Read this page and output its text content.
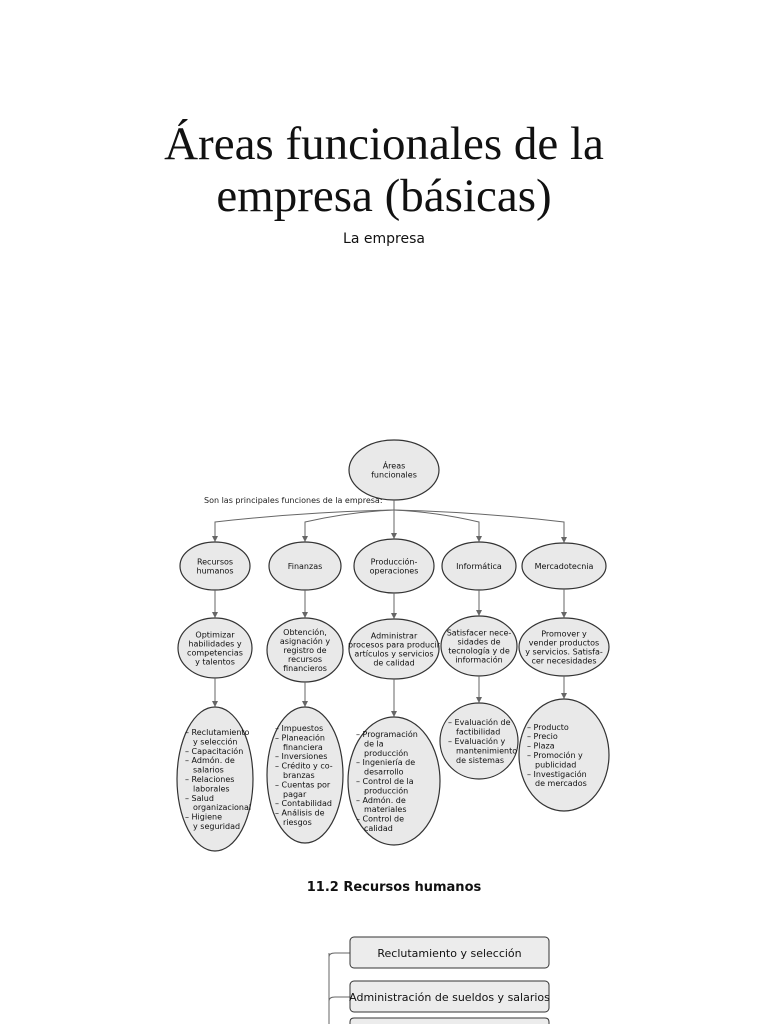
Áreas funcionales de la
empresa (básicas)
La empresa
Áreas
funcionales
Son las principales funciones de la empresa:
Recursos
humanos
Optimizar
habilidades y
competencias
y talentos
– Reclutamiento
y selección
– Capacitación
– Admón. de
salarios
– Relaciones
laborales
– Salud
organizacional
– Higiene
y seguridad
Finanzas
Obtención,
asignación y
registro de
recursos
financieros
– Impuestos
– Planeación
financiera
– Inversiones
– Crédito y co-
branzas
– Cuentas por
pagar
– Contabilidad
– Análisis de
riesgos
Producción-
operaciones
Administrar
procesos para producir
artículos y servicios
de calidad
– Programación
de la
producción
– Ingeniería de
desarrollo
– Control de la
producción
– Admón. de
materiales
– Control de
calidad
Informática
Satisfacer nece-
sidades de
tecnología y de
información
– Evaluación de
factibilidad
– Evaluación y
mantenimiento
de sistemas
Mercadotecnia
Promover y
vender productos
y servicios. Satisfa-
cer necesidades
– Producto
– Precio
– Plaza
– Promoción y
publicidad
– Investigación
de mercados
11.2 Recursos humanos
Reclutamiento y selección
Administración de sueldos y salarios
